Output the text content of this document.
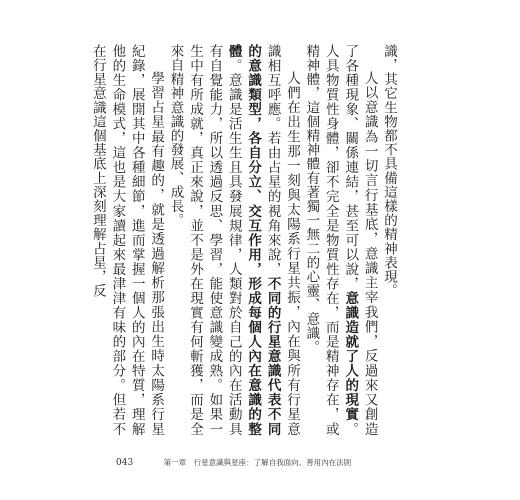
識，其它生物都不具備這樣的精神表現。

人以意識為一切言行基底，意識主宰我們，反過來又創造了各種現象、關係連結，甚至可以說，意識造就了人的現實。人具物質性身體，卻不完全是物質性存在，而是精神存在，或精神體，這個精神體有著獨一無二的心靈、意識。

人們在出生那一刻與太陽系行星共振，內在與所有行星意識相互呼應。若由占星的視角來說，不同的行星意識代表不同的意識類型，各自分立、交互作用，形成每個人內在意識的整體。意識是活生生且具發展規律，人類對於自己的內在活動具有自覺能力，所以透過反思、學習，能使意識變成熟。如果一生中有所成就，真正來說，並不是外在現實有何斬獲，而是全來自精神意識的發展、成長。

學習占星最有趣的，就是透過解析那張出生時太陽系行星紀錄，展開其中各種細節，進而掌握一個人的內在特質，理解他的生命模式，這也是大家讀起來最津津有味的部分。但若不在行星意識這個基底上深刻理解占星，反

043	第一章　行星意識與星座：了解自我面向、善用內在法則
